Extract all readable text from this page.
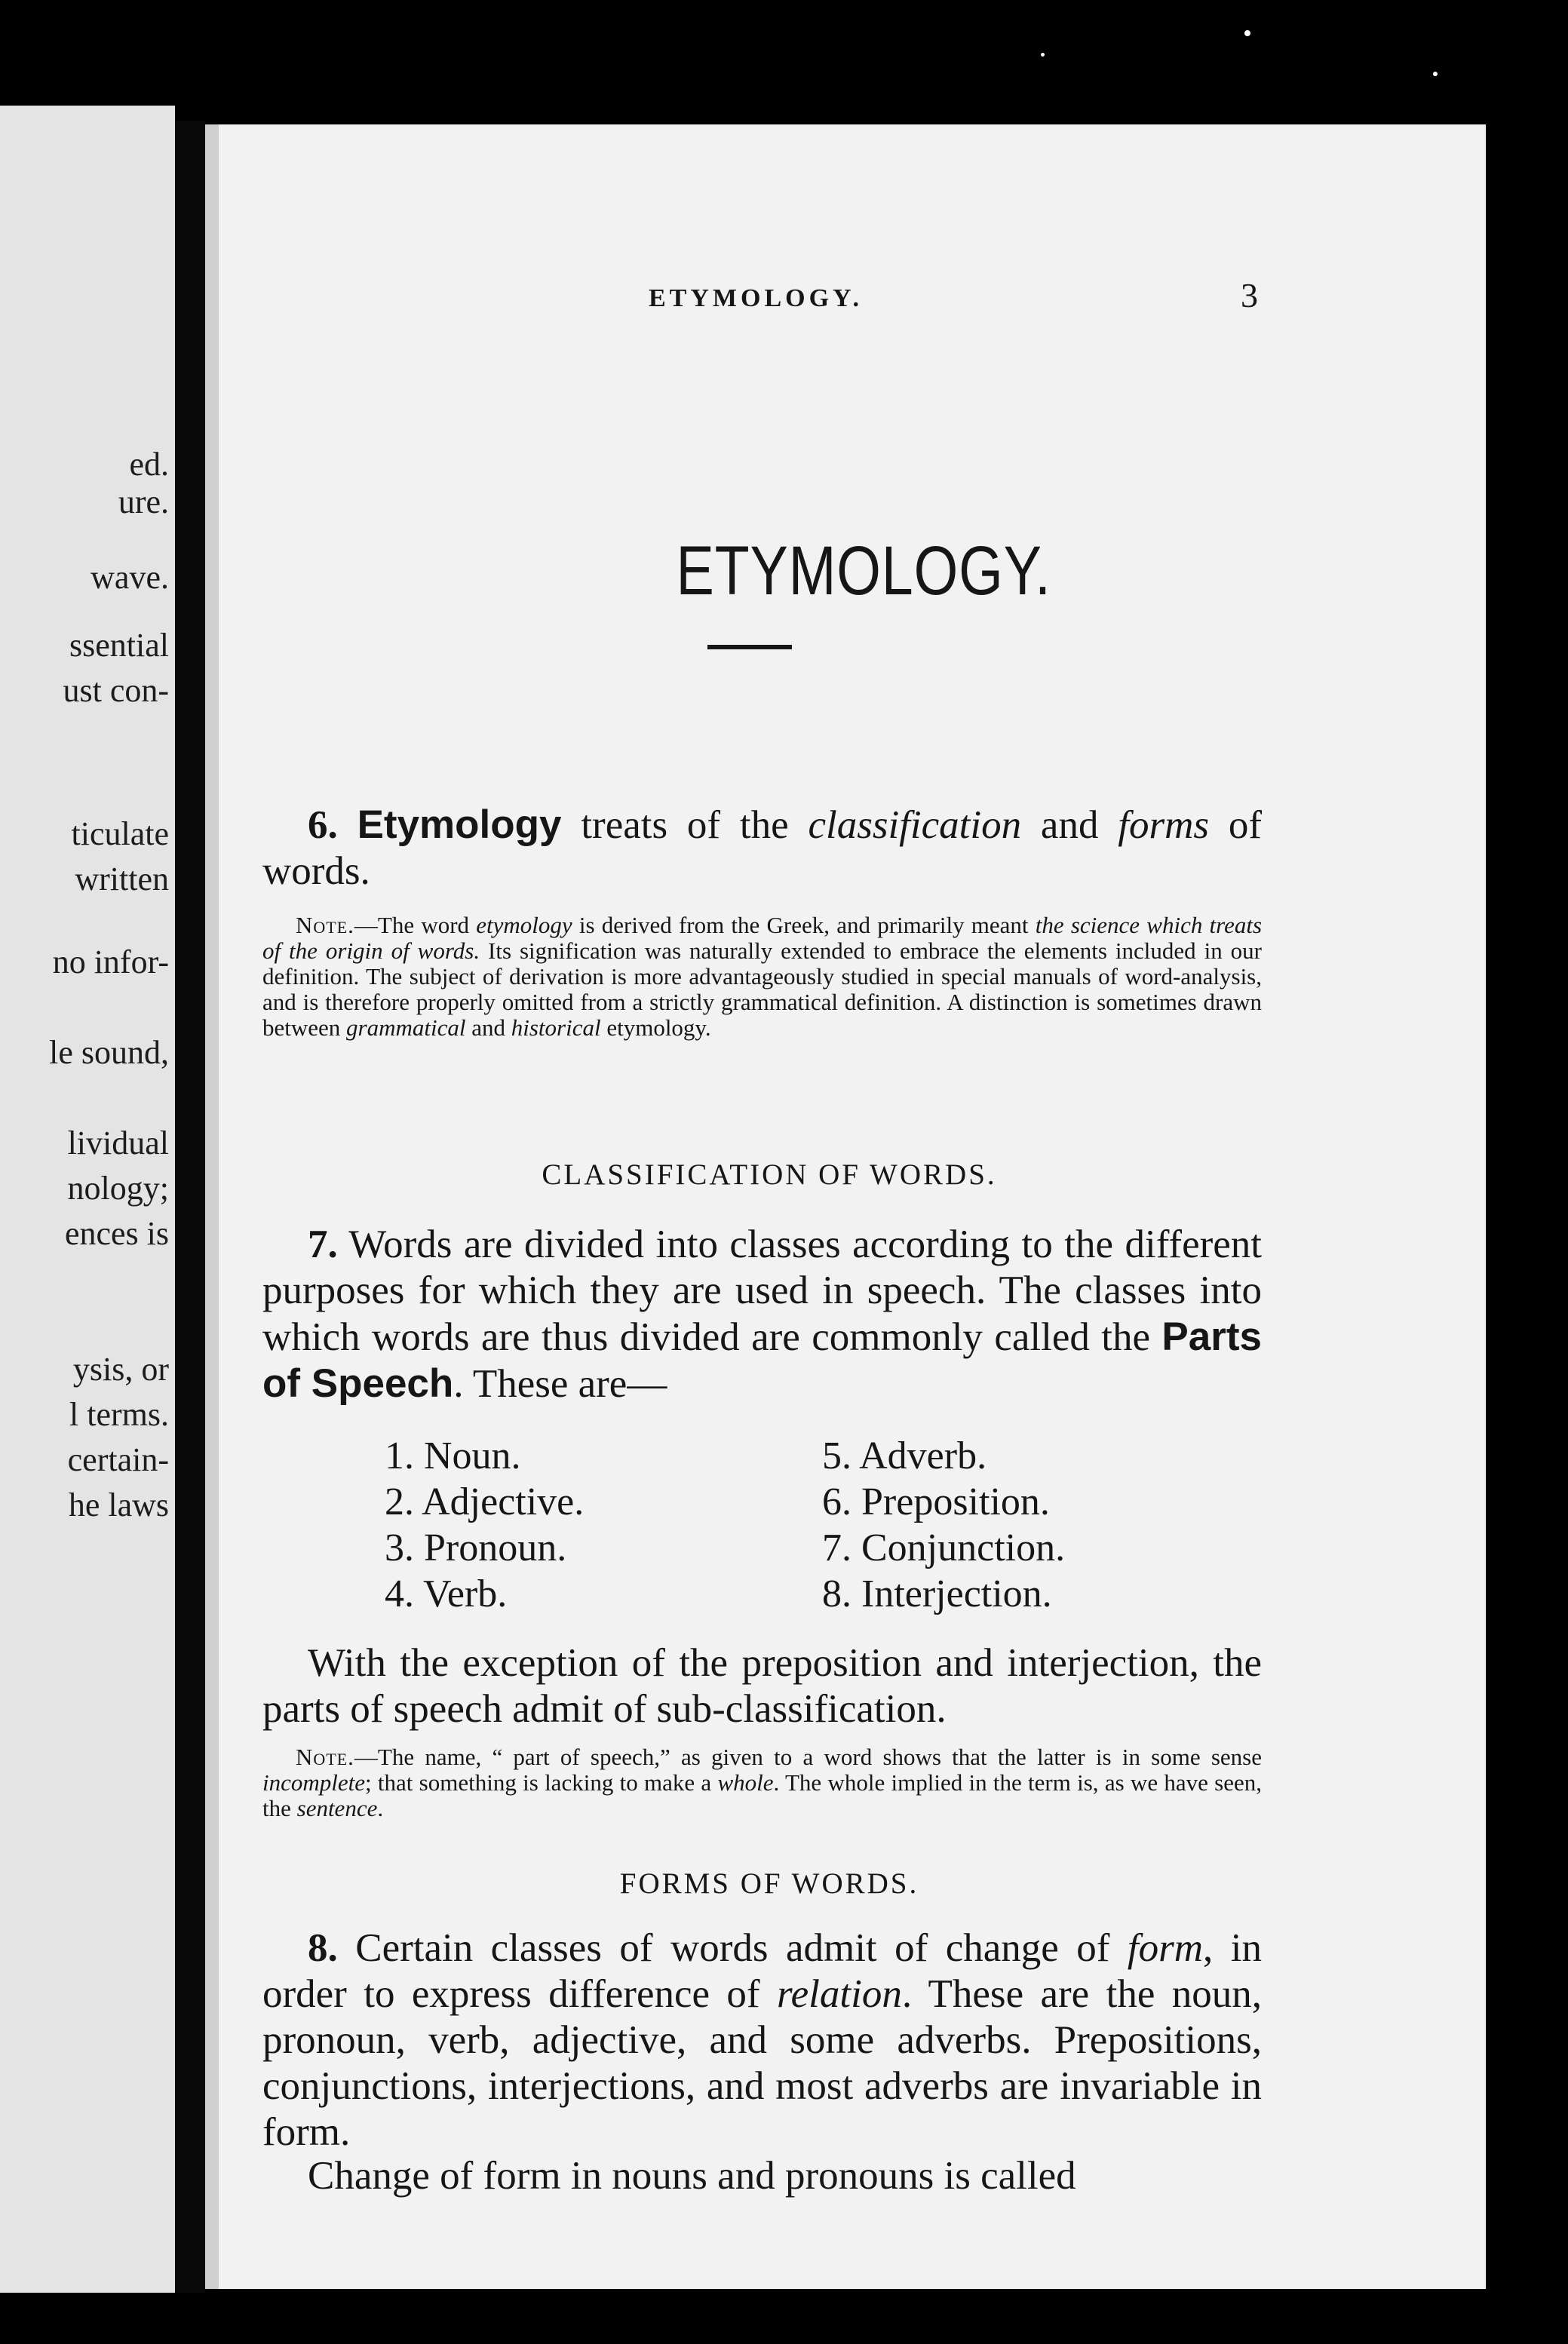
ed.
ure.
wave.
ssential
ust con-
ticulate
written
no infor-
le sound,
lividual
nology;
ences is
ysis, or
l terms.
certain-
he laws
ETYMOLOGY.	3
ETYMOLOGY.
6. Etymology treats of the classification and forms of words.
Note.—The word etymology is derived from the Greek, and primarily meant the science which treats of the origin of words. Its signification was naturally extended to embrace the elements included in our definition. The subject of derivation is more advantageously studied in special manuals of word-analysis, and is therefore properly omitted from a strictly grammatical definition. A distinction is sometimes drawn between grammatical and historical etymology.
CLASSIFICATION OF WORDS.
7. Words are divided into classes according to the different purposes for which they are used in speech. The classes into which words are thus divided are commonly called the Parts of Speech. These are—
1. Noun.
2. Adjective.
3. Pronoun.
4. Verb.
5. Adverb.
6. Preposition.
7. Conjunction.
8. Interjection.
With the exception of the preposition and interjection, the parts of speech admit of sub-classification.
Note.—The name, “ part of speech,” as given to a word shows that the latter is in some sense incomplete; that something is lacking to make a whole. The whole implied in the term is, as we have seen, the sentence.
FORMS OF WORDS.
8. Certain classes of words admit of change of form, in order to express difference of relation. These are the noun, pronoun, verb, adjective, and some adverbs. Prepositions, conjunctions, interjections, and most adverbs are invariable in form.
Change of form in nouns and pronouns is called
